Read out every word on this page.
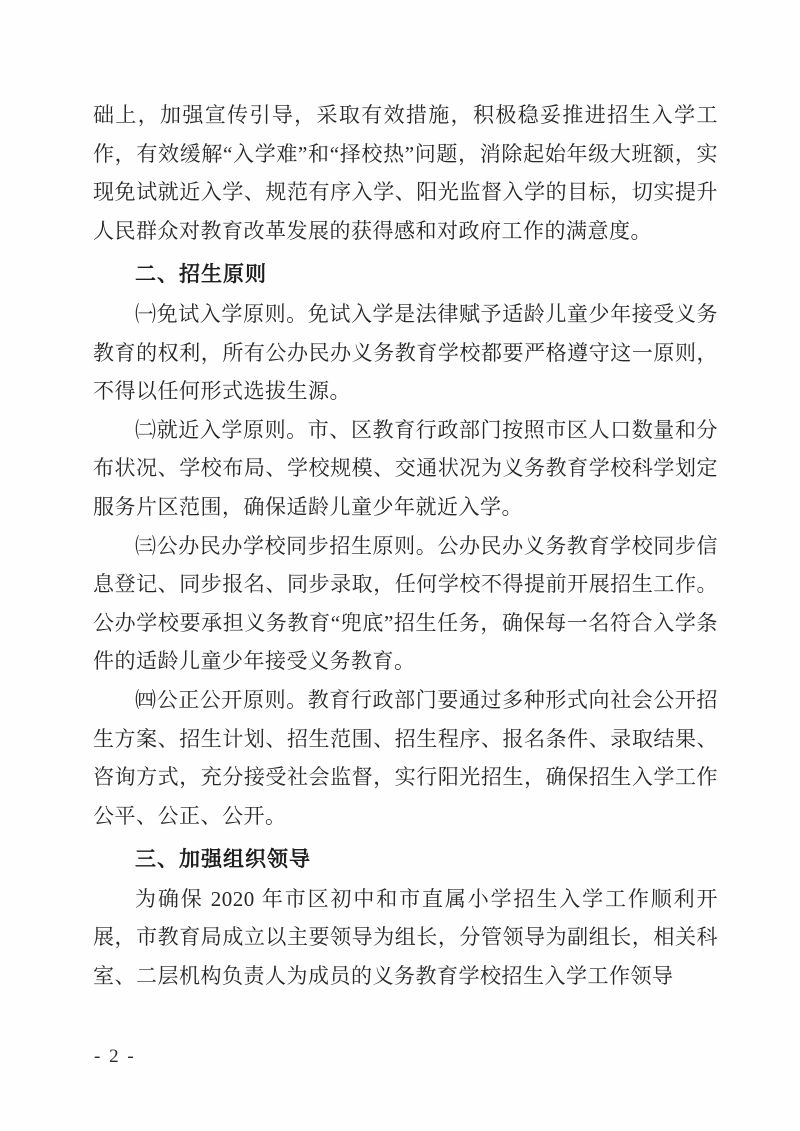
础上，加强宣传引导，采取有效措施，积极稳妥推进招生入学工作，有效缓解“入学难”和“择校热”问题，消除起始年级大班额，实现免试就近入学、规范有序入学、阳光监督入学的目标，切实提升人民群众对教育改革发展的获得感和对政府工作的满意度。

二、招生原则

㈠免试入学原则。免试入学是法律赋予适龄儿童少年接受义务教育的权利，所有公办民办义务教育学校都要严格遵守这一原则，不得以任何形式选拔生源。

㈡就近入学原则。市、区教育行政部门按照市区人口数量和分布状况、学校布局、学校规模、交通状况为义务教育学校科学划定服务片区范围，确保适龄儿童少年就近入学。

㈢公办民办学校同步招生原则。公办民办义务教育学校同步信息登记、同步报名、同步录取，任何学校不得提前开展招生工作。公办学校要承担义务教育“兜底”招生任务，确保每一名符合入学条件的适龄儿童少年接受义务教育。

㈣公正公开原则。教育行政部门要通过多种形式向社会公开招生方案、招生计划、招生范围、招生程序、报名条件、录取结果、咨询方式，充分接受社会监督，实行阳光招生，确保招生入学工作公平、公正、公开。

三、加强组织领导

为确保 2020 年市区初中和市直属小学招生入学工作顺利开展，市教育局成立以主要领导为组长，分管领导为副组长，相关科室、二层机构负责人为成员的义务教育学校招生入学工作领导

- 2 -
